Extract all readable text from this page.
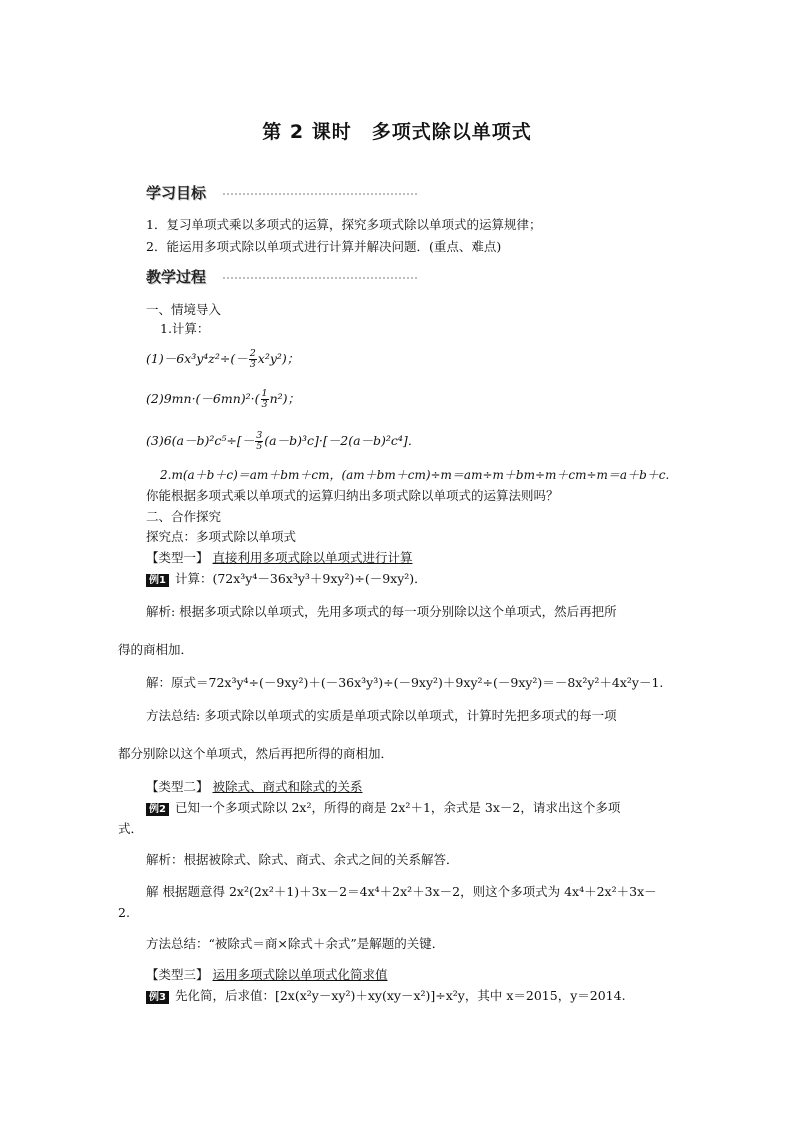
第 2 课时　多项式除以单项式
学习目标
1．复习单项式乘以多项式的运算，探究多项式除以单项式的运算规律；
2．能运用多项式除以单项式进行计算并解决问题．(重点、难点)
教学过程
一、情境导入
1.计算：
$(1)-6x^3y^4z^2\div(- \frac{2}{3} x^2y^2)$；
$(2)9mn\cdot(-6mn)^2\cdot( \frac{1}{3} n^2)$；
$(3)6(a-b)^2c^5\div[- \frac{3}{5} (a-b)^3c]\cdot[-2(a-b)^2c^4]$．
2.m(a＋b＋c)＝am＋bm＋cm，(am＋bm＋cm)÷m＝am÷m＋bm÷m＋cm÷m＝a＋b＋c.
你能根据多项式乘以单项式的运算归纳出多项式除以单项式的运算法则吗？
二、合作探究
探究点：多项式除以单项式
【类型一】 直接利用多项式除以单项式进行计算
例1 计算：(72x³y⁴－36x³y³＋9xy²)÷(－9xy²)．
解析: 根据多项式除以单项式，先用多项式的每一项分别除以这个单项式，然后再把所
得的商相加．
解：原式＝72x³y⁴÷(－9xy²)＋(－36x³y³)÷(－9xy²)＋9xy²÷(－9xy²)＝－8x²y²＋4x²y－1.
方法总结: 多项式除以单项式的实质是单项式除以单项式，计算时先把多项式的每一项
都分别除以这个单项式，然后再把所得的商相加．
【类型二】 被除式、商式和除式的关系
例2 已知一个多项式除以 2x²，所得的商是 2x²＋1，余式是 3x－2，请求出这个多项
式．
解析：根据被除式、除式、商式、余式之间的关系解答．
解 根据题意得 2x²(2x²＋1)＋3x－2＝4x⁴＋2x²＋3x－2，则这个多项式为 4x⁴＋2x²＋3x－
2.
方法总结：“被除式＝商×除式＋余式”是解题的关键．
【类型三】 运用多项式除以单项式化简求值
例3 先化简，后求值：[2x(x²y－xy²)＋xy(xy－x²)]÷x²y，其中 x＝2015，y＝2014.
